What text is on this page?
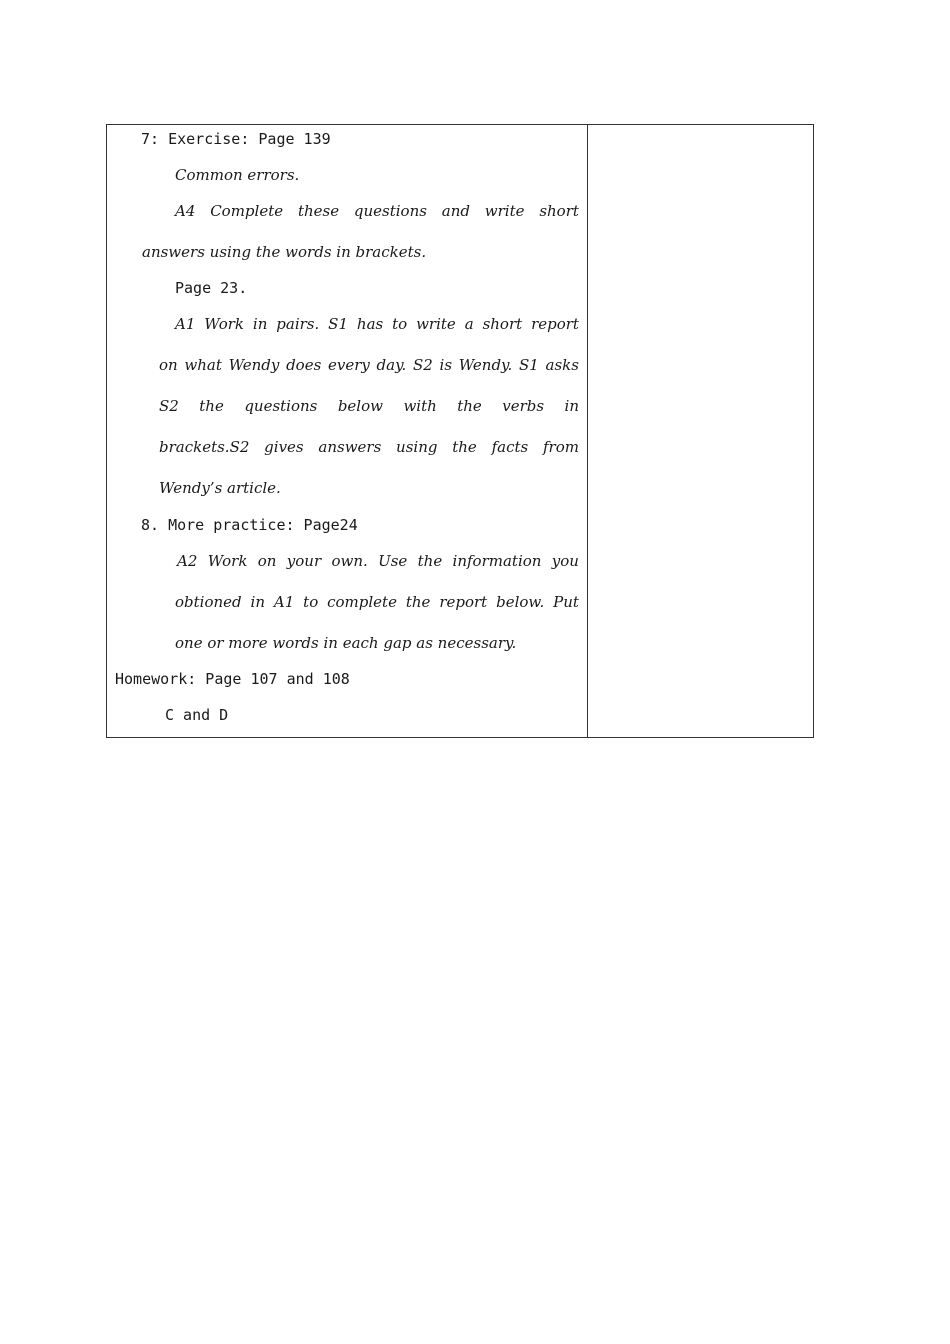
7: Exercise: Page 139
Common errors.
A4 Complete these questions and write short
answers using the words in brackets.
Page 23.
A1 Work in pairs. S1 has to write a short report
on what Wendy does every day. S2 is Wendy. S1 asks
S2 the questions below with the verbs in
brackets.S2 gives answers using the facts from
Wendy’s article.
8. More practice: Page24
A2 Work on your own. Use the information you
obtioned in A1 to complete the report below. Put
one or more words in each gap as necessary.
Homework: Page 107 and 108
C and D
